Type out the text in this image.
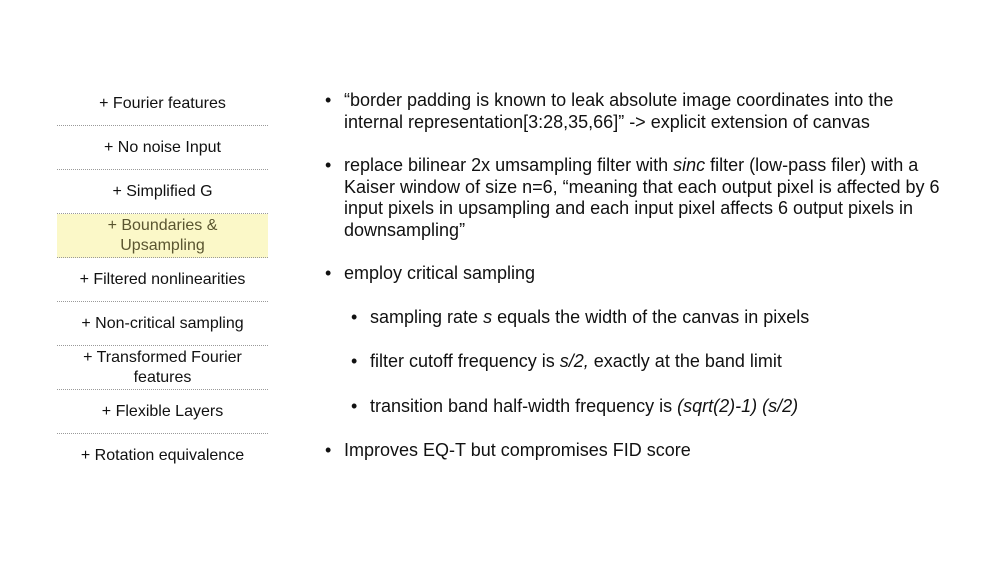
+ Fourier features
+ No noise Input
+ Simplified G
+ Boundaries & Upsampling
+ Filtered nonlinearities
+ Non-critical sampling
+ Transformed Fourier features
+ Flexible Layers
+ Rotation equivalence
• “border padding is known to leak absolute image coordinates into the internal representation[3:28,35,66]” -> explicit extension of canvas
• replace bilinear 2x umsampling filter with sinc filter (low-pass filer) with a Kaiser window of size n=6, “meaning that each output pixel is affected by 6 input pixels in upsampling and each input pixel affects 6 output pixels in downsampling”
• employ critical sampling
• sampling rate s equals the width of the canvas in pixels
• filter cutoff frequency is s/2, exactly at the band limit
• transition band half-width frequency is (sqrt(2)-1) (s/2)
• Improves EQ-T but compromises FID score
